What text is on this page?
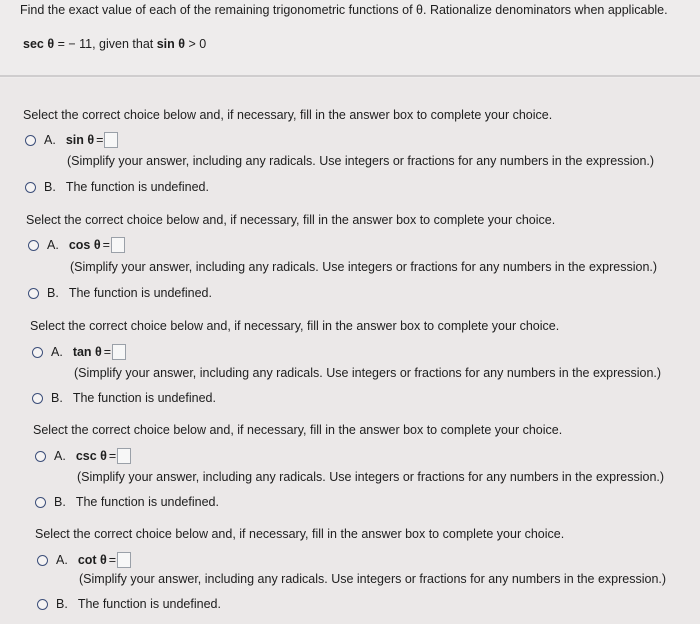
Find the exact value of each of the remaining trigonometric functions of θ. Rationalize denominators when applicable.
sec θ = − 11, given that sin θ > 0
Select the correct choice below and, if necessary, fill in the answer box to complete your choice.
A. sin θ =
(Simplify your answer, including any radicals. Use integers or fractions for any numbers in the expression.)
B. The function is undefined.
Select the correct choice below and, if necessary, fill in the answer box to complete your choice.
A. cos θ =
(Simplify your answer, including any radicals. Use integers or fractions for any numbers in the expression.)
B. The function is undefined.
Select the correct choice below and, if necessary, fill in the answer box to complete your choice.
A. tan θ =
(Simplify your answer, including any radicals. Use integers or fractions for any numbers in the expression.)
B. The function is undefined.
Select the correct choice below and, if necessary, fill in the answer box to complete your choice.
A. csc θ =
(Simplify your answer, including any radicals. Use integers or fractions for any numbers in the expression.)
B. The function is undefined.
Select the correct choice below and, if necessary, fill in the answer box to complete your choice.
A. cot θ =
(Simplify your answer, including any radicals. Use integers or fractions for any numbers in the expression.)
B. The function is undefined.
